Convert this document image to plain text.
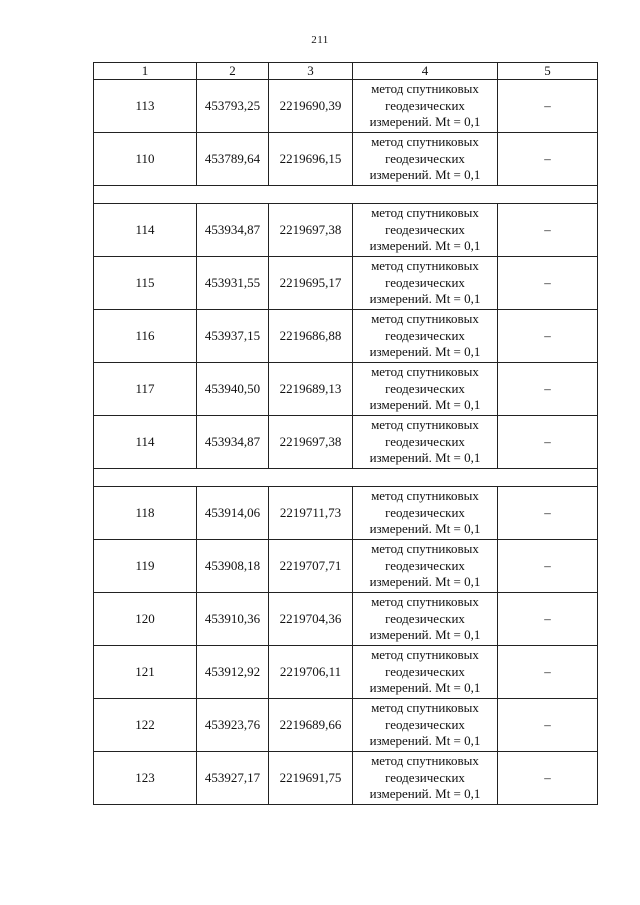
211
1	2	3	4	5
113	453793,25	2219690,39	метод спутниковых
геодезических
измерений. Mt = 0,1	–
110	453789,64	2219696,15	метод спутниковых
геодезических
измерений. Mt = 0,1	–

114	453934,87	2219697,38	метод спутниковых
геодезических
измерений. Mt = 0,1	–
115	453931,55	2219695,17	метод спутниковых
геодезических
измерений. Mt = 0,1	–
116	453937,15	2219686,88	метод спутниковых
геодезических
измерений. Mt = 0,1	–
117	453940,50	2219689,13	метод спутниковых
геодезических
измерений. Mt = 0,1	–
114	453934,87	2219697,38	метод спутниковых
геодезических
измерений. Mt = 0,1	–

118	453914,06	2219711,73	метод спутниковых
геодезических
измерений. Mt = 0,1	–
119	453908,18	2219707,71	метод спутниковых
геодезических
измерений. Mt = 0,1	–
120	453910,36	2219704,36	метод спутниковых
геодезических
измерений. Mt = 0,1	–
121	453912,92	2219706,11	метод спутниковых
геодезических
измерений. Mt = 0,1	–
122	453923,76	2219689,66	метод спутниковых
геодезических
измерений. Mt = 0,1	–
123	453927,17	2219691,75	метод спутниковых
геодезических
измерений. Mt = 0,1	–
